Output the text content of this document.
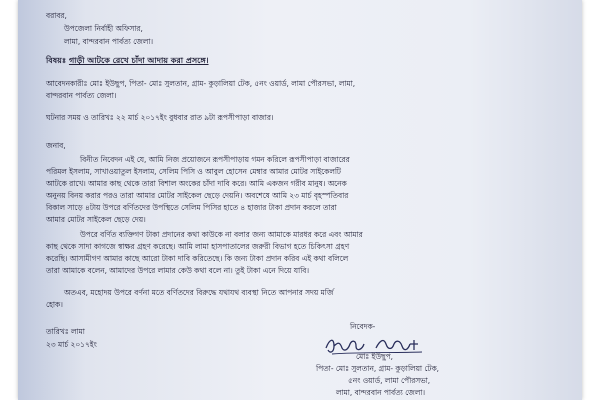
বরাবর,

উপজেলা নির্বাহী অফিসার,

লামা, বান্দরবান পার্বত্য জেলা।

বিষয়ঃ গাড়ী আটকে রেখে চাঁদা আদায় করা প্রসঙ্গে।

আবেদনকারীঃ মোঃ ইউছুপ, পিতা- মোঃ সুলতান, গ্রাম- কুড়ালিয়া টেক, ৫নং ওয়ার্ড, লামা পৌরসভা, লামা,

বান্দরবান পার্বত্য জেলা।

ঘটনার সময় ও তারিখঃ ২২ মার্চ ২০১৭ইং বুধবার রাত ৯টা রূপসীপাড়া বাজার।

জনাব,

বিনীত নিবেদন এই যে, আমি নিজ প্রয়োজনে রূপসীপাড়ায় গমন করিলে রূপসীপাড়া বাজারের

পরিমল ইসলাম, সাখাওয়াতুল ইসলাম, সেলিম পিসি ও আবুল হোসেন মেম্বার আমার মোটর সাইকেলটি

আটকে রাখে। আমার কাছ থেকে তারা বিশাল অংকের চাঁদা দাবি করে। আমি একজন গরীব মানুষ। অনেক

অনুনয় বিনয় করার পরও তারা আমার মোটর সাইকেল ছেড়ে দেয়নি। অবশেষে আমি ২৩ মার্চ বৃহস্পতিবার

বিকাল সাড়ে ৪টায় উপরে বর্ণিতদের উপস্থিতে সেলিম পিসির হাতে ৪ হাজার টাকা প্রদান করলে তারা

আমার মোটর সাইকেল ছেড়ে দেয়।

উপরে বর্ণিত ব্যক্তিগণ টাকা প্রদানের কথা কাউকে না বলার জন্য আমাকে মারধর করে এবং আমার

কাছ থেকে সাদা কাগজে স্বাক্ষর গ্রহণ করেছে। আমি লামা হাসপাতালের জরুরী বিভাগ হতে চিকিৎসা গ্রহণ

করেছি। আসামীগণ আমার কাছে আরো টাকা দাবি করিতেছে। কি জন্য টাকা প্রদান করিব এই কথা বলিলে

তারা আমাকে বলেন, আমাদের উপরে লামার কেউ কথা বলে না। তুই টাকা এনে দিয়ে যাবি।

অতএব, মহোদয় উপরে বর্ণনা মতে বর্ণিতদের বিরুদ্ধে যথাযথ ব্যবস্থা নিতে আপনার সদয় মর্জি

হোক।

তারিখঃ লামা

২৩ মার্চ ২০১৭ইং

নিবেদক-

মোঃ ইউছুপ,

পিতা- মোঃ সুলতান, গ্রাম- কুড়ালিয়া টেক,

৫নং ওয়ার্ড, লামা পৌরসভা,

লামা, বান্দরবান পার্বত্য জেলা।
